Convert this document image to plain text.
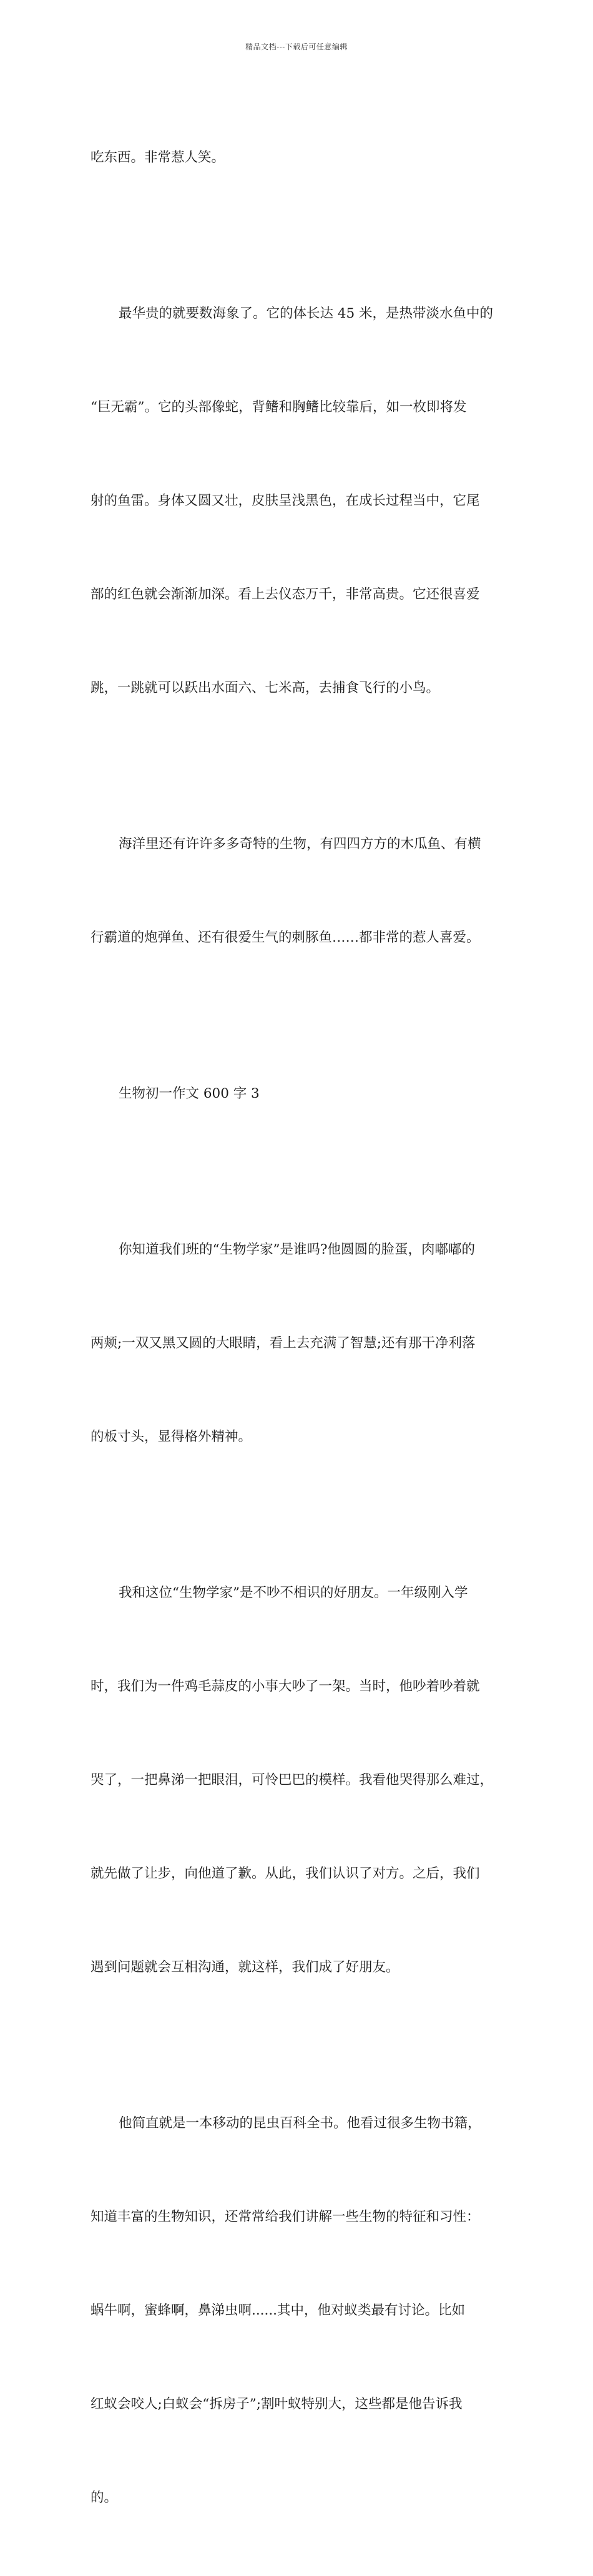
精品文档---下载后可任意编辑

吃东西。非常惹人笑。

最华贵的就要数海象了。它的体长达 45 米，是热带淡水鱼中的

“巨无霸”。它的头部像蛇，背鳍和胸鳍比较靠后，如一枚即将发

射的鱼雷。身体又圆又壮，皮肤呈浅黑色，在成长过程当中，它尾

部的红色就会渐渐加深。看上去仪态万千，非常高贵。它还很喜爱

跳，一跳就可以跃出水面六、七米高，去捕食飞行的小鸟。

海洋里还有许许多多奇特的生物，有四四方方的木瓜鱼、有横

行霸道的炮弹鱼、还有很爱生气的刺豚鱼……都非常的惹人喜爱。

生物初一作文 600 字 3

你知道我们班的“生物学家”是谁吗?他圆圆的脸蛋，肉嘟嘟的

两颊;一双又黑又圆的大眼睛，看上去充满了智慧;还有那干净利落

的板寸头，显得格外精神。

我和这位“生物学家”是不吵不相识的好朋友。一年级刚入学

时，我们为一件鸡毛蒜皮的小事大吵了一架。当时，他吵着吵着就

哭了，一把鼻涕一把眼泪，可怜巴巴的模样。我看他哭得那么难过，

就先做了让步，向他道了歉。从此，我们认识了对方。之后，我们

遇到问题就会互相沟通，就这样，我们成了好朋友。

他简直就是一本移动的昆虫百科全书。他看过很多生物书籍，

知道丰富的生物知识，还常常给我们讲解一些生物的特征和习性：

蜗牛啊，蜜蜂啊，鼻涕虫啊......其中，他对蚁类最有讨论。比如

红蚁会咬人;白蚁会“拆房子”;割叶蚁特别大，这些都是他告诉我

的。
